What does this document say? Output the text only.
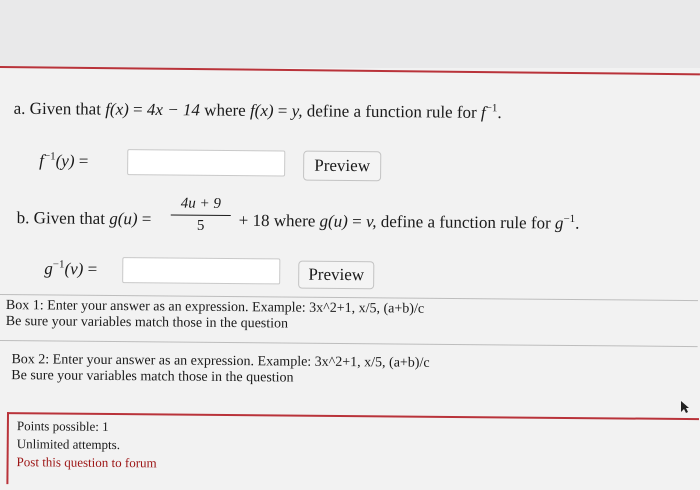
a. Given that f(x) = 4x − 14 where f(x) = y, define a function rule for $f^{-1}$.
$f^{-1}(y)$ =	Preview
b. Given that $g(u) = \frac{4u + 9}{5} + 18$ where g(u) = v, define a function rule for $g^{-1}$.
$g^{-1}(v)$ =	Preview
Box 1: Enter your answer as an expression. Example: 3x^2+1, x/5, (a+b)/c
Be sure your variables match those in the question
Box 2: Enter your answer as an expression. Example: 3x^2+1, x/5, (a+b)/c
Be sure your variables match those in the question
Points possible: 1
Unlimited attempts.
Post this question to forum
